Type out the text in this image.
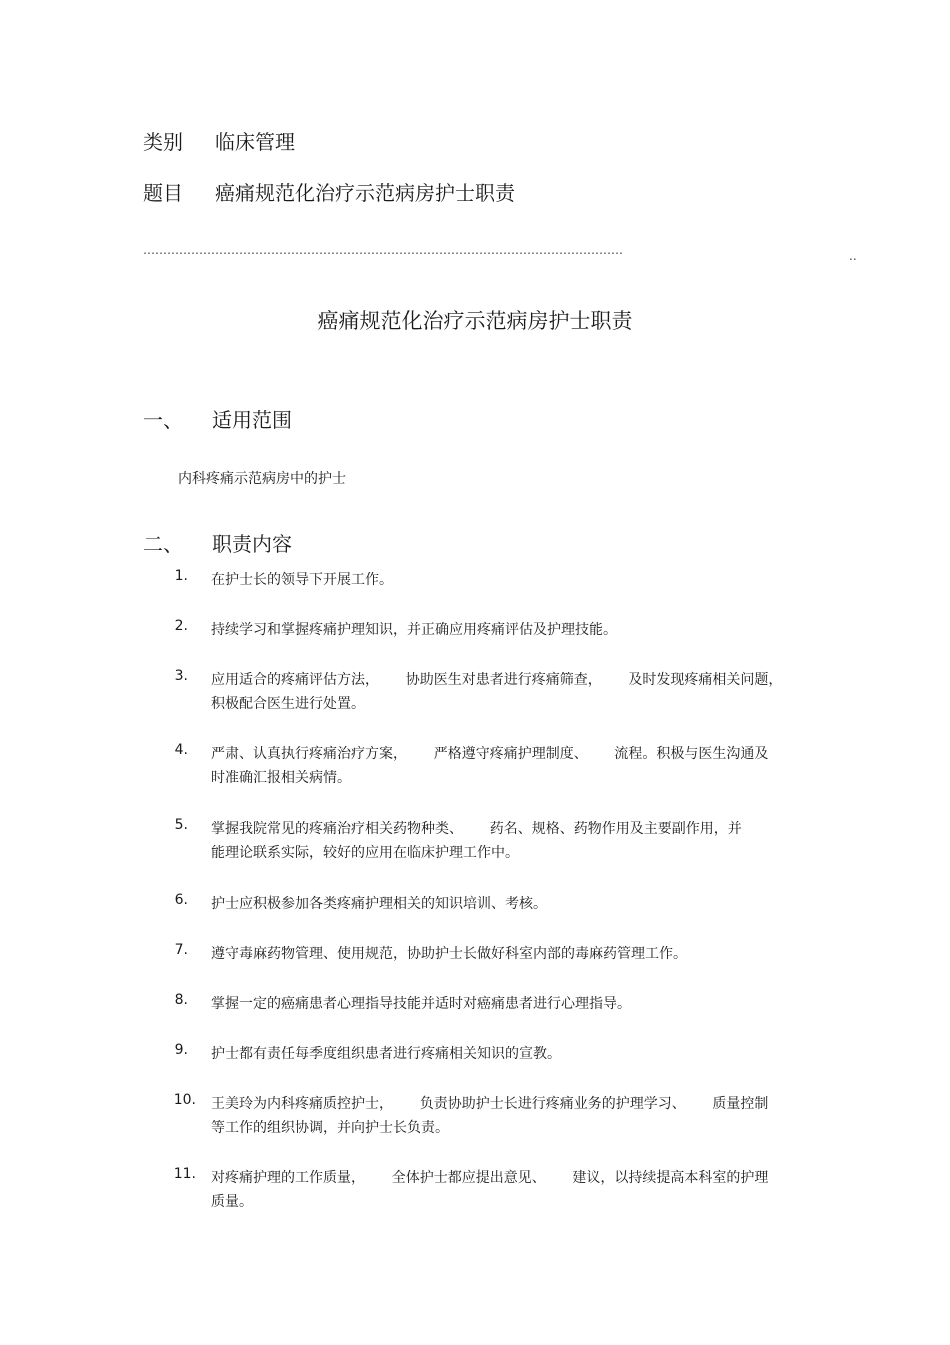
类别 临床管理
题目 癌痛规范化治疗示范病房护士职责
…………………………………………………………………………………………………………	..
癌痛规范化治疗示范病房护士职责
一、 适用范围
内科疼痛示范病房中的护士
二、 职责内容
1. 在护士长的领导下开展工作。
2. 持续学习和掌握疼痛护理知识，并正确应用疼痛评估及护理技能。
3. 应用适合的疼痛评估方法，      协助医生对患者进行疼痛筛查，      及时发现疼痛相关问题，
积极配合医生进行处置。
4. 严肃、认真执行疼痛治疗方案，      严格遵守疼痛护理制度、      流程。积极与医生沟通及
时准确汇报相关病情。
5. 掌握我院常见的疼痛治疗相关药物种类、      药名、规格、药物作用及主要副作用，并
能理论联系实际，较好的应用在临床护理工作中。
6. 护士应积极参加各类疼痛护理相关的知识培训、考核。
7. 遵守毒麻药物管理、使用规范，协助护士长做好科室内部的毒麻药管理工作。
8. 掌握一定的癌痛患者心理指导技能并适时对癌痛患者进行心理指导。
9. 护士都有责任每季度组织患者进行疼痛相关知识的宣教。
10. 王美玲为内科疼痛质控护士，      负责协助护士长进行疼痛业务的护理学习、      质量控制
等工作的组织协调，并向护士长负责。
11. 对疼痛护理的工作质量，      全体护士都应提出意见、      建议，以持续提高本科室的护理
质量。
